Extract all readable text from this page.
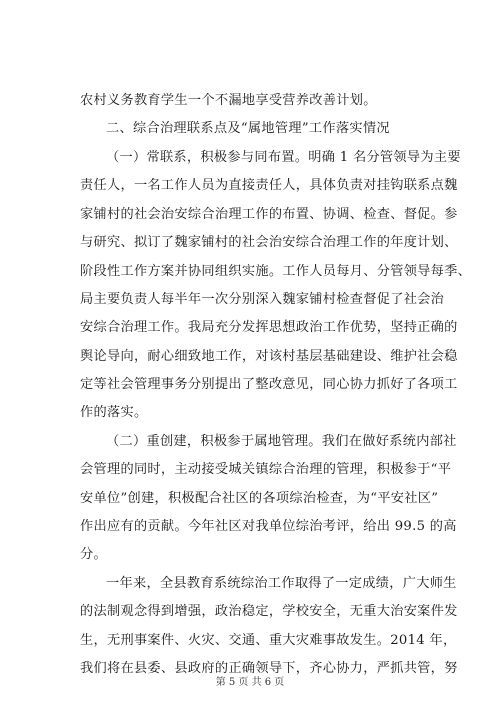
农村义务教育学生一个不漏地享受营养改善计划。
二、综合治理联系点及“属地管理”工作落实情况
（一）常联系，积极参与同布置。明确 1 名分管领导为主要
责任人，一名工作人员为直接责任人，具体负责对挂钩联系点魏
家铺村的社会治安综合治理工作的布置、协调、检查、督促。参
与研究、拟订了魏家铺村的社会治安综合治理工作的年度计划、
阶段性工作方案并协同组织实施。工作人员每月、分管领导每季、
局主要负责人每半年一次分别深入魏家铺村检查督促了社会治
安综合治理工作。我局充分发挥思想政治工作优势，坚持正确的
舆论导向，耐心细致地工作，对该村基层基础建设、维护社会稳
定等社会管理事务分别提出了整改意见，同心协力抓好了各项工
作的落实。
（二）重创建，积极参于属地管理。我们在做好系统内部社
会管理的同时，主动接受城关镇综合治理的管理，积极参于“平
安单位”创建，积极配合社区的各项综治检查，为“平安社区”
作出应有的贡献。今年社区对我单位综治考评，给出 99.5 的高
分。
一年来，全县教育系统综治工作取得了一定成绩，广大师生
的法制观念得到增强，政治稳定，学校安全，无重大治安案件发
生，无刑事案件、火灾、交通、重大灾难事故发生。2014 年，
我们将在县委、县政府的正确领导下，齐心协力，严抓共管，努
第 5 页 共 6 页
